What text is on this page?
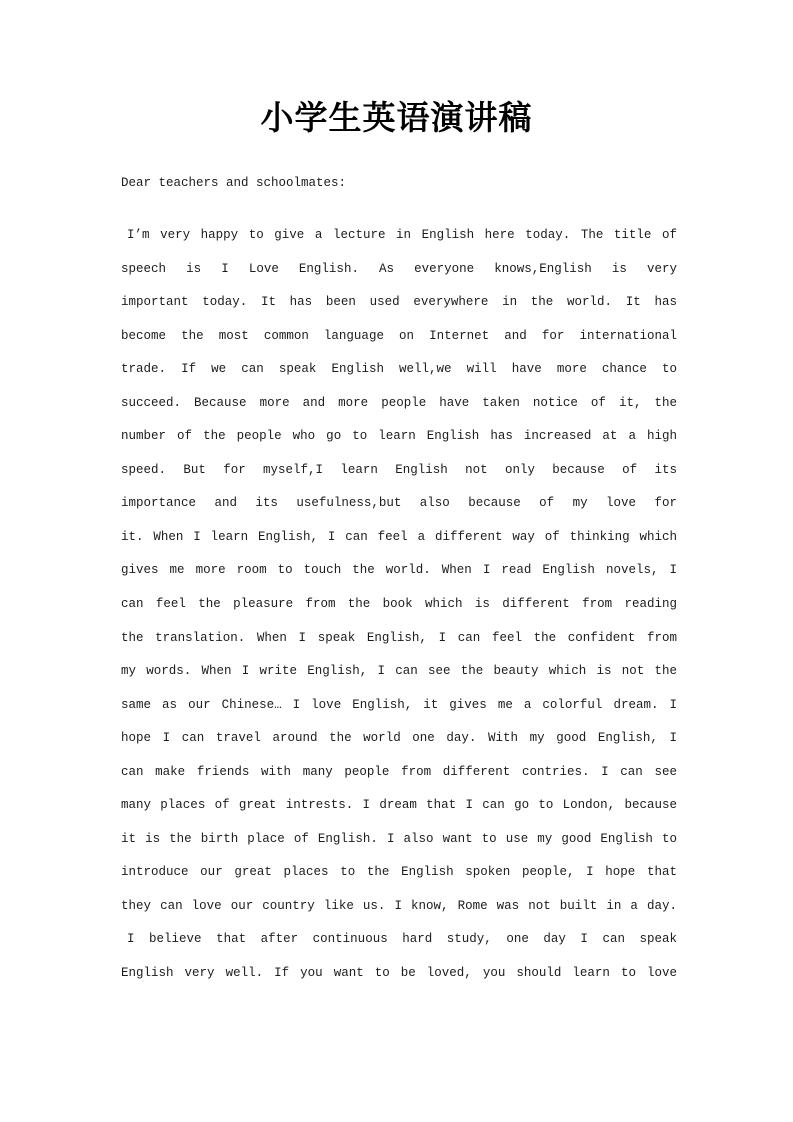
小学生英语演讲稿

Dear teachers and schoolmates:

I’m very happy to give a lecture in English here today. The title of
speech is I Love English. As everyone knows,English is very
important today. It has been used everywhere in the world. It has
become the most common language on Internet and for international
trade. If we can speak English well,we will have more chance to
succeed. Because more and more people have taken notice of it, the
number of the people who go to learn English has increased at a high
speed. But for myself,I learn English not only because of its
importance and its usefulness,but also because of my love for
it. When I learn English, I can feel a different way of thinking which
gives me more room to touch the world. When I read English novels, I
can feel the pleasure from the book which is different from reading
the translation. When I speak English, I can feel the confident from
my words. When I write English, I can see the beauty which is not the
same as our Chinese… I love English, it gives me a colorful dream. I
hope I can travel around the world one day. With my good English, I
can make friends with many people from different contries. I can see
many places of great intrests. I dream that I can go to London, because
it is the birth place of English. I also want to use my good English to
introduce our great places to the English spoken people, I hope that
they can love our country like us. I know, Rome was not built in a day.
I believe that after continuous hard study, one day I can speak
English very well. If you want to be loved, you should learn to love
